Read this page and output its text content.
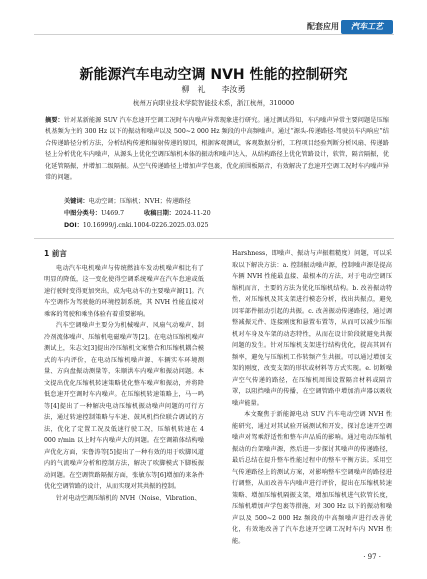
配套应用	汽车工艺
新能源汽车电动空调 NVH 性能的控制研究
柳　礼　　李汝勇
杭州万向职业技术学院智能技术系，浙江杭州，310000
摘要：针对某新能源 SUV 汽车怠速开空调工况时车内噪声异常现象进行研究。通过测试得知，车内噪声异常主要问题是压缩机基频为主的 300 Hz 以下的振动和噪声以及 500~2 000 Hz 频段的中高频噪声。通过“源头-传递路径-驾驶员车内响应”结合传递路径分析方法，分析结构传递和辐射传递的原因，根据客观测试，客观数据分析，工程项目经验判断分析风扇、传递路径上分析优化车内噪声，从源头上优化空调压缩机本体的振动和噪声达入，从结构路径上优化管路设计，软管，隔音隔振，优化延管隔振，并增加二级隔振。从空气传递路径上增加声学包裹，优化前围板隔音，有效解决了怠速开空调工况时车内噪声异常的问题。
关键词：电动空调；压缩机；NVH；传递路径
中图分类号：U469.7	收稿日期：2024-11-20
DOI：10.16999/j.cnki.1004-0226.2025.03.025
1 前言

电动汽车电机噪声与传统燃油车发动机噪声相比有了明显的降低，这一变化使得空调系统噪声在汽车怠速或低速行驶时变得更加突出，成为电动车的主要噪声源[1]。汽车空调作为驾驶舱的环境控制系统，其 NVH 性能直接对乘客的驾驶和乘坐体验有着重要影响。

汽车空调噪声主要分为机械噪声、风扇气动噪声、制冷剂流体噪声、压缩机电磁噪声等[2]。在电动压缩机噪声测试上，朱志文[3]提出冷压缩机文案整合和压缩机耦合模式的车内评价，在电动压缩机噪声源、车辆实车环境测量、方向盘振动测量等，朱顺洪车内噪声和振动问题。本文提出优化压缩机转速策略优化整车噪声和振动，并将降低怠速开空调时车内噪声。在压缩机转速策略上，马一鸣等[4]提出了一种解决电动压缩机振动噪声问题的可行方法，通过转速控制策略与车速、鼓风机挡位联合调试的方法，优化了定置工况及低速行驶工况，压缩机转速在 4 000 r/min 以上时车内噪声大的问题。在空调箱体结构噪声优化方面，宋鲁涛等[5]提出了一种有效的用于吹脚风道内的气流噪声分析和控制方法，解决了吹脚模式下脚板振动问题。在空调管路隔振方面，张敏东等[6]增加的来条件优化空调管路的设计，从而实现对其共振的控制。

针对电动空调压缩机的 NVH（Noise、Vibration、

Harshness，即噪声、振动与声振粗糙度）问题，可以采取以下解决方法：a. 控制振动噪声源，控制噪声源是提高车辆 NVH 性能最直接、最根本的方法，对于电动空调压缩机而言，主要的方法为优化压缩机结构。b. 改善振动特性，对压缩机及其支架进行模态分析，找出共振点，避免因零部件振动引起的共振。c. 改善振动传递路径，通过调整减振元件、连接刚度和悬置布置等，从而可以减少压缩机对车身及车架的动态特性，从而在设计阶段就避免共振问题的发生。针对压缩机支架进行结构优化，提高其固有频率，避免与压缩机工作转频产生共振。可以通过增加支架的刚度，改变支架的形状或材料等方式实现。e. 切断噪声空气传递的路径，在压缩机周围设置隔音材料或隔音罩，以阻挡噪声的传播，在空调管路中增加消声器以吸收噪声能量。

本文聚焦于新能源电动 SUV 汽车电动空调 NVH 性能研究，通过对其试验开展测试和开发，探讨怠速开空调噪声对驾乘舒适性和整车声品质的影响。通过电动压缩机振动的台架噪声源，然后进一步探讨其噪声的传递路径，最后总结在提升整车性能过程中的整车平衡方法。采用空气传递路径上的测试方案，对影响整车空调噪声的路径进行调整，从而改善车内噪声进行评价，提出在压缩机转速策略、增加压缩机隔振支架，增加压缩机进气软管长度，压缩机增加声学包裹等措施，对 300 Hz 以下的振动和噪声以及 500~2 000 Hz 频段的中高频噪声进行改善优化，有效地改善了汽车怠速开空调工况时车内 NVH 性能。

· 97 ·
